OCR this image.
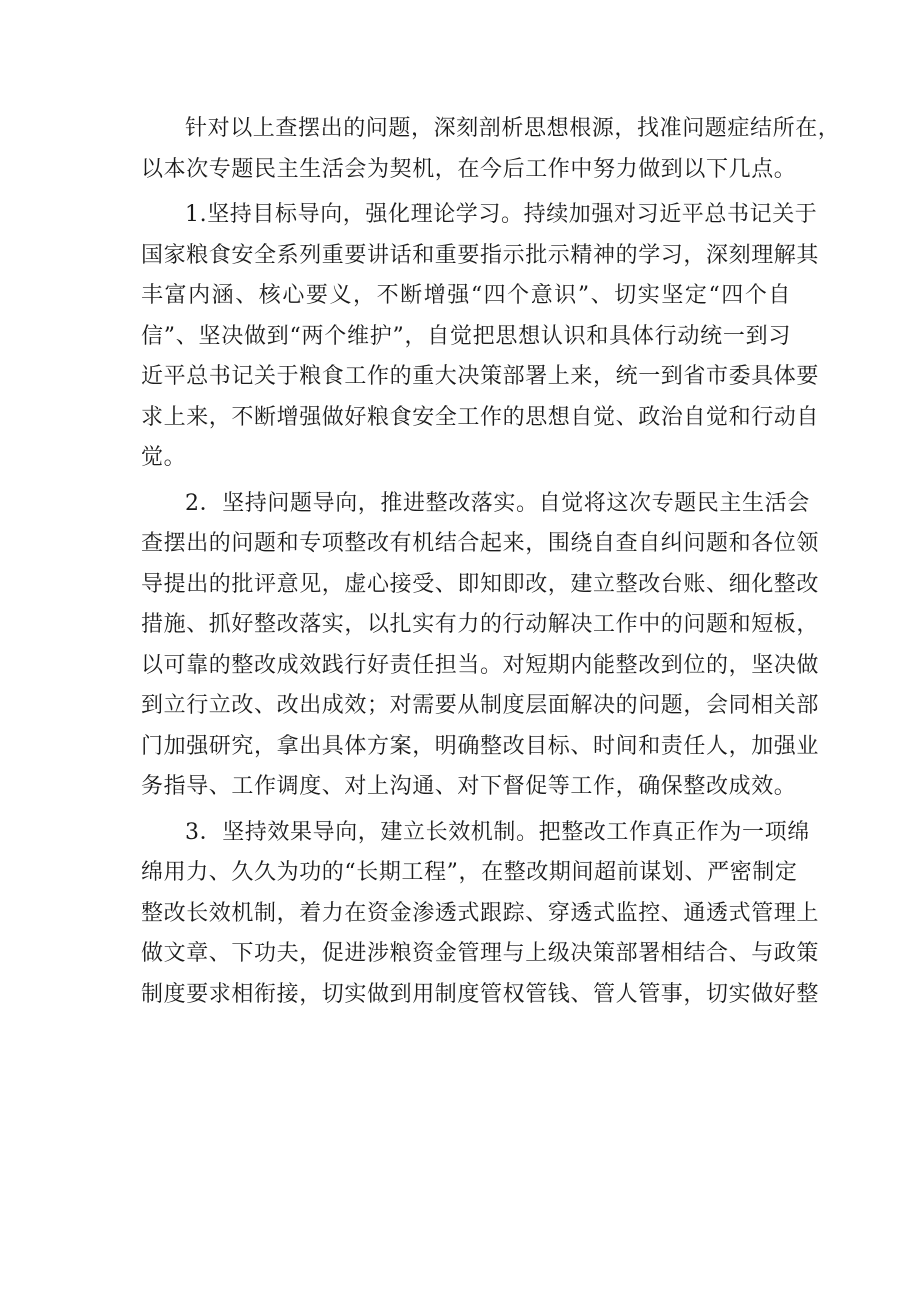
针对以上查摆出的问题，深刻剖析思想根源，找准问题症结所在，
以本次专题民主生活会为契机，在今后工作中努力做到以下几点。
1.坚持目标导向，强化理论学习。持续加强对习近平总书记关于
国家粮食安全系列重要讲话和重要指示批示精神的学习，深刻理解其
丰富内涵、核心要义，不断增强“四个意识”、切实坚定“四个自
信”、坚决做到“两个维护”，自觉把思想认识和具体行动统一到习
近平总书记关于粮食工作的重大决策部署上来，统一到省市委具体要
求上来，不断增强做好粮食安全工作的思想自觉、政治自觉和行动自
觉。
2．坚持问题导向，推进整改落实。自觉将这次专题民主生活会
查摆出的问题和专项整改有机结合起来，围绕自查自纠问题和各位领
导提出的批评意见，虚心接受、即知即改，建立整改台账、细化整改
措施、抓好整改落实，以扎实有力的行动解决工作中的问题和短板，
以可靠的整改成效践行好责任担当。对短期内能整改到位的，坚决做
到立行立改、改出成效；对需要从制度层面解决的问题，会同相关部
门加强研究，拿出具体方案，明确整改目标、时间和责任人，加强业
务指导、工作调度、对上沟通、对下督促等工作，确保整改成效。
3．坚持效果导向，建立长效机制。把整改工作真正作为一项绵
绵用力、久久为功的“长期工程”，在整改期间超前谋划、严密制定
整改长效机制，着力在资金渗透式跟踪、穿透式监控、通透式管理上
做文章、下功夫，促进涉粮资金管理与上级决策部署相结合、与政策
制度要求相衔接，切实做到用制度管权管钱、管人管事，切实做好整
